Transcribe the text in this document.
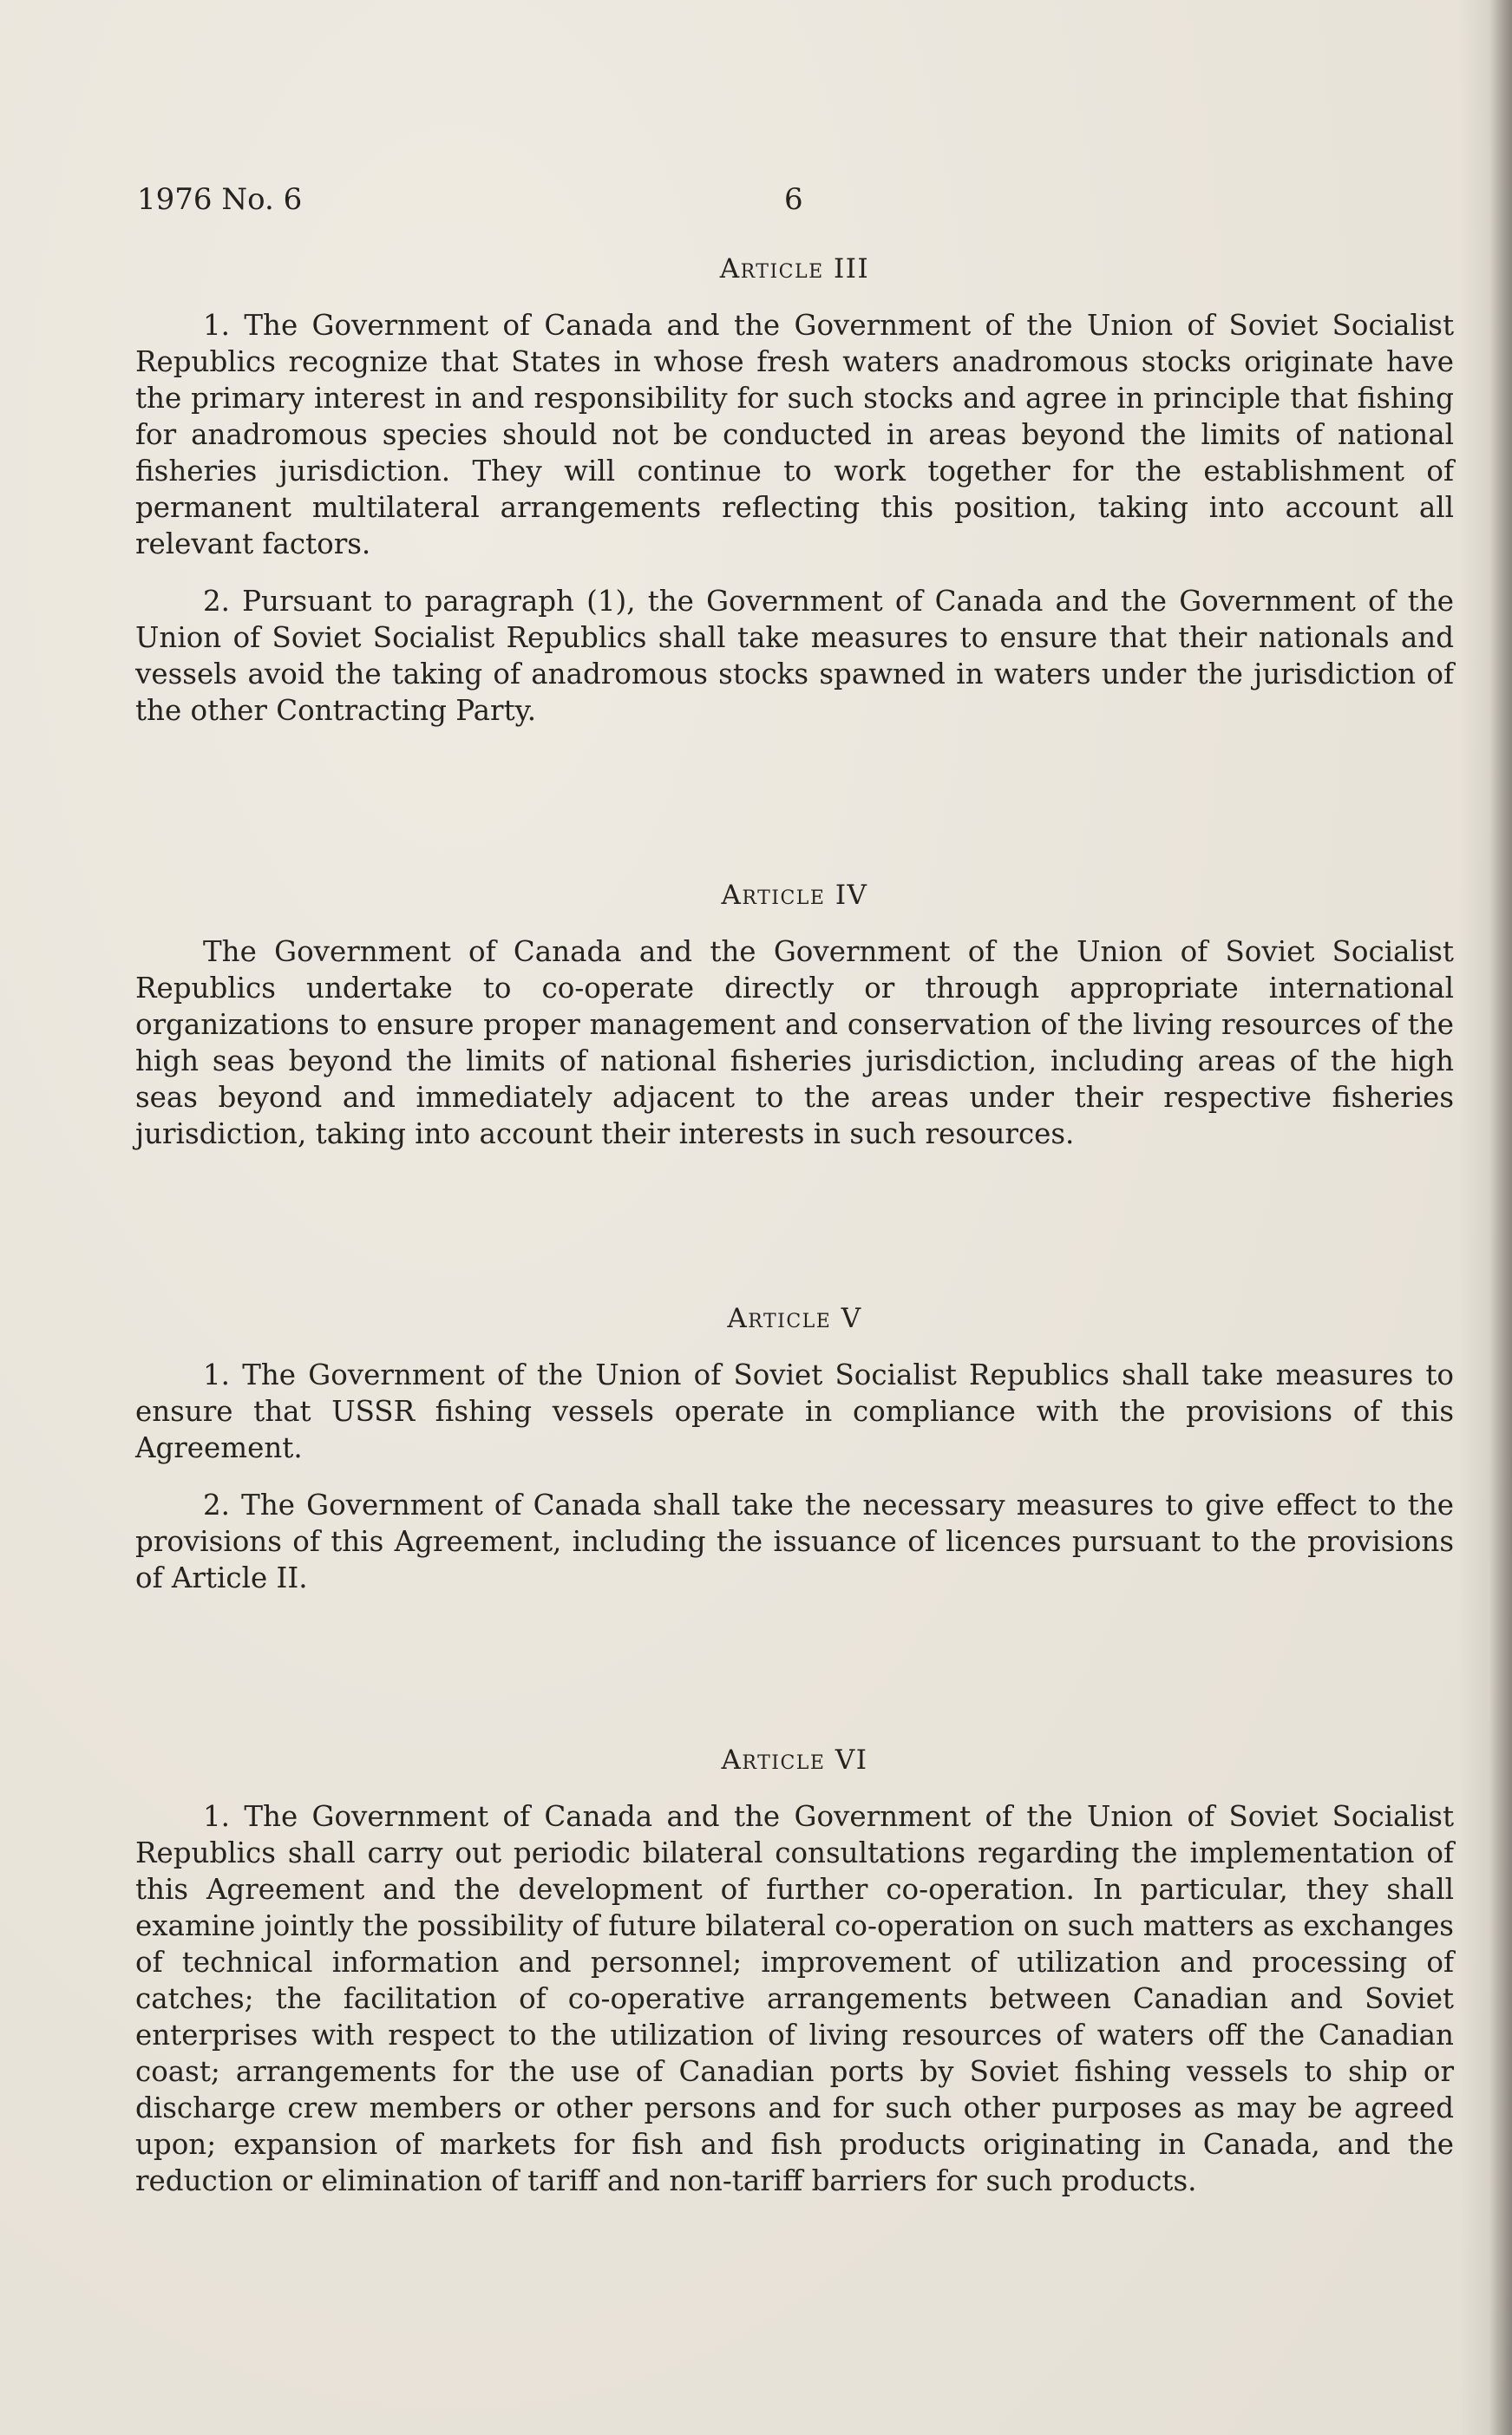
1976 No. 6	6
Article III

1. The Government of Canada and the Government of the Union of Soviet Socialist Republics recognize that States in whose fresh waters anadromous stocks originate have the primary interest in and responsibility for such stocks and agree in principle that fishing for anadromous species should not be conducted in areas beyond the limits of national fisheries jurisdiction. They will continue to work together for the establishment of permanent multilateral arrangements reflecting this position, taking into account all relevant factors.

2. Pursuant to paragraph (1), the Government of Canada and the Government of the Union of Soviet Socialist Republics shall take measures to ensure that their nationals and vessels avoid the taking of anadromous stocks spawned in waters under the jurisdiction of the other Contracting Party.

Article IV

The Government of Canada and the Government of the Union of Soviet Socialist Republics undertake to co-operate directly or through appropriate international organizations to ensure proper management and conservation of the living resources of the high seas beyond the limits of national fisheries jurisdiction, including areas of the high seas beyond and immediately adjacent to the areas under their respective fisheries jurisdiction, taking into account their interests in such resources.

Article V

1. The Government of the Union of Soviet Socialist Republics shall take measures to ensure that USSR fishing vessels operate in compliance with the provisions of this Agreement.

2. The Government of Canada shall take the necessary measures to give effect to the provisions of this Agreement, including the issuance of licences pursuant to the provisions of Article II.

Article VI

1. The Government of Canada and the Government of the Union of Soviet Socialist Republics shall carry out periodic bilateral consultations regarding the implementation of this Agreement and the development of further co-operation. In particular, they shall examine jointly the possibility of future bilateral co-operation on such matters as exchanges of technical information and personnel; improvement of utilization and processing of catches; the facilitation of co-operative arrangements between Canadian and Soviet enterprises with respect to the utilization of living resources of waters off the Canadian coast; arrangements for the use of Canadian ports by Soviet fishing vessels to ship or discharge crew members or other persons and for such other purposes as may be agreed upon; expansion of markets for fish and fish products originating in Canada, and the reduction or elimination of tariff and non-tariff barriers for such products.
